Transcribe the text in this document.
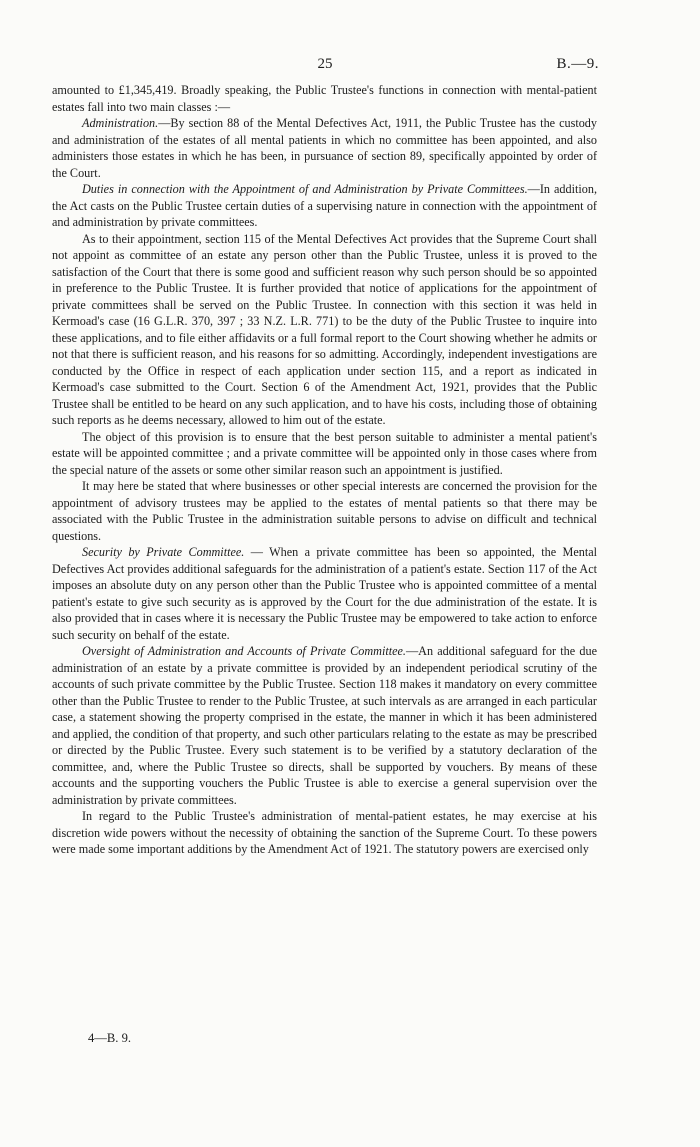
25	B.—9.

amounted to £1,345,419. Broadly speaking, the Public Trustee's functions in connection with mental-patient estates fall into two main classes :—

Administration.—By section 88 of the Mental Defectives Act, 1911, the Public Trustee has the custody and administration of the estates of all mental patients in which no committee has been appointed, and also administers those estates in which he has been, in pursuance of section 89, specifically appointed by order of the Court.

Duties in connection with the Appointment of and Administration by Private Committees.—In addition, the Act casts on the Public Trustee certain duties of a supervising nature in connection with the appointment of and administration by private committees.

As to their appointment, section 115 of the Mental Defectives Act provides that the Supreme Court shall not appoint as committee of an estate any person other than the Public Trustee, unless it is proved to the satisfaction of the Court that there is some good and sufficient reason why such person should be so appointed in preference to the Public Trustee. It is further provided that notice of applications for the appointment of private committees shall be served on the Public Trustee. In connection with this section it was held in Kermoad's case (16 G.L.R. 370, 397 ; 33 N.Z. L.R. 771) to be the duty of the Public Trustee to inquire into these applications, and to file either affidavits or a full formal report to the Court showing whether he admits or not that there is sufficient reason, and his reasons for so admitting. Accordingly, independent investigations are conducted by the Office in respect of each application under section 115, and a report as indicated in Kermoad's case submitted to the Court. Section 6 of the Amendment Act, 1921, provides that the Public Trustee shall be entitled to be heard on any such application, and to have his costs, including those of obtaining such reports as he deems necessary, allowed to him out of the estate.

The object of this provision is to ensure that the best person suitable to administer a mental patient's estate will be appointed committee ; and a private committee will be appointed only in those cases where from the special nature of the assets or some other similar reason such an appointment is justified.

It may here be stated that where businesses or other special interests are concerned the provision for the appointment of advisory trustees may be applied to the estates of mental patients so that there may be associated with the Public Trustee in the administration suitable persons to advise on difficult and technical questions.

Security by Private Committee. — When a private committee has been so appointed, the Mental Defectives Act provides additional safeguards for the administration of a patient's estate. Section 117 of the Act imposes an absolute duty on any person other than the Public Trustee who is appointed committee of a mental patient's estate to give such security as is approved by the Court for the due administration of the estate. It is also provided that in cases where it is necessary the Public Trustee may be empowered to take action to enforce such security on behalf of the estate.

Oversight of Administration and Accounts of Private Committee.—An additional safeguard for the due administration of an estate by a private committee is provided by an independent periodical scrutiny of the accounts of such private committee by the Public Trustee. Section 118 makes it mandatory on every committee other than the Public Trustee to render to the Public Trustee, at such intervals as are arranged in each particular case, a statement showing the property comprised in the estate, the manner in which it has been administered and applied, the condition of that property, and such other particulars relating to the estate as may be prescribed or directed by the Public Trustee. Every such statement is to be verified by a statutory declaration of the committee, and, where the Public Trustee so directs, shall be supported by vouchers. By means of these accounts and the supporting vouchers the Public Trustee is able to exercise a general supervision over the administration by private committees.

In regard to the Public Trustee's administration of mental-patient estates, he may exercise at his discretion wide powers without the necessity of obtaining the sanction of the Supreme Court. To these powers were made some important additions by the Amendment Act of 1921. The statutory powers are exercised only

4—B. 9.
